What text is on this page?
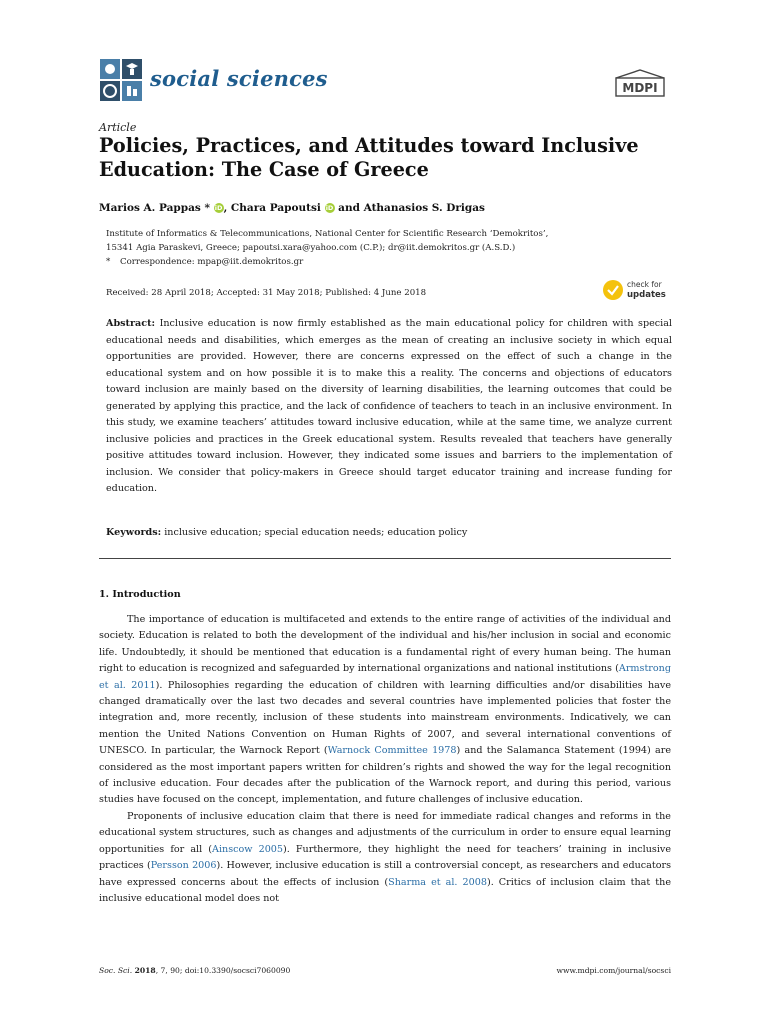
social sciences	MDPI
Article
Policies, Practices, and Attitudes toward Inclusive Education: The Case of Greece
Marios A. Pappas * iD, Chara Papoutsi iD and Athanasios S. Drigas
Institute of Informatics & Telecommunications, National Center for Scientific Research ‘Demokritos’,
15341 Agia Paraskevi, Greece; papoutsi.xara@yahoo.com (C.P.); dr@iit.demokritos.gr (A.S.D.)
* Correspondence: mpap@iit.demokritos.gr
Received: 28 April 2018; Accepted: 31 May 2018; Published: 4 June 2018
check for
updates
Abstract: Inclusive education is now firmly established as the main educational policy for children with special educational needs and disabilities, which emerges as the mean of creating an inclusive society in which equal opportunities are provided. However, there are concerns expressed on the effect of such a change in the educational system and on how possible it is to make this a reality. The concerns and objections of educators toward inclusion are mainly based on the diversity of learning disabilities, the learning outcomes that could be generated by applying this practice, and the lack of confidence of teachers to teach in an inclusive environment. In this study, we examine teachers’ attitudes toward inclusive education, while at the same time, we analyze current inclusive policies and practices in the Greek educational system. Results revealed that teachers have generally positive attitudes toward inclusion. However, they indicated some issues and barriers to the implementation of inclusion. We consider that policy-makers in Greece should target educator training and increase funding for education.
Keywords: inclusive education; special education needs; education policy
1. Introduction

The importance of education is multifaceted and extends to the entire range of activities of the individual and society. Education is related to both the development of the individual and his/her inclusion in social and economic life. Undoubtedly, it should be mentioned that education is a fundamental right of every human being. The human right to education is recognized and safeguarded by international organizations and national institutions (Armstrong et al. 2011). Philosophies regarding the education of children with learning difficulties and/or disabilities have changed dramatically over the last two decades and several countries have implemented policies that foster the integration and, more recently, inclusion of these students into mainstream environments. Indicatively, we can mention the United Nations Convention on Human Rights of 2007, and several international conventions of UNESCO. In particular, the Warnock Report (Warnock Committee 1978) and the Salamanca Statement (1994) are considered as the most important papers written for children’s rights and showed the way for the legal recognition of inclusive education. Four decades after the publication of the Warnock report, and during this period, various studies have focused on the concept, implementation, and future challenges of inclusive education.

Proponents of inclusive education claim that there is need for immediate radical changes and reforms in the educational system structures, such as changes and adjustments of the curriculum in order to ensure equal learning opportunities for all (Ainscow 2005). Furthermore, they highlight the need for teachers’ training in inclusive practices (Persson 2006). However, inclusive education is still a controversial concept, as researchers and educators have expressed concerns about the effects of inclusion (Sharma et al. 2008). Critics of inclusion claim that the inclusive educational model does not

Soc. Sci. 2018, 7, 90; doi:10.3390/socsci7060090	www.mdpi.com/journal/socsci
